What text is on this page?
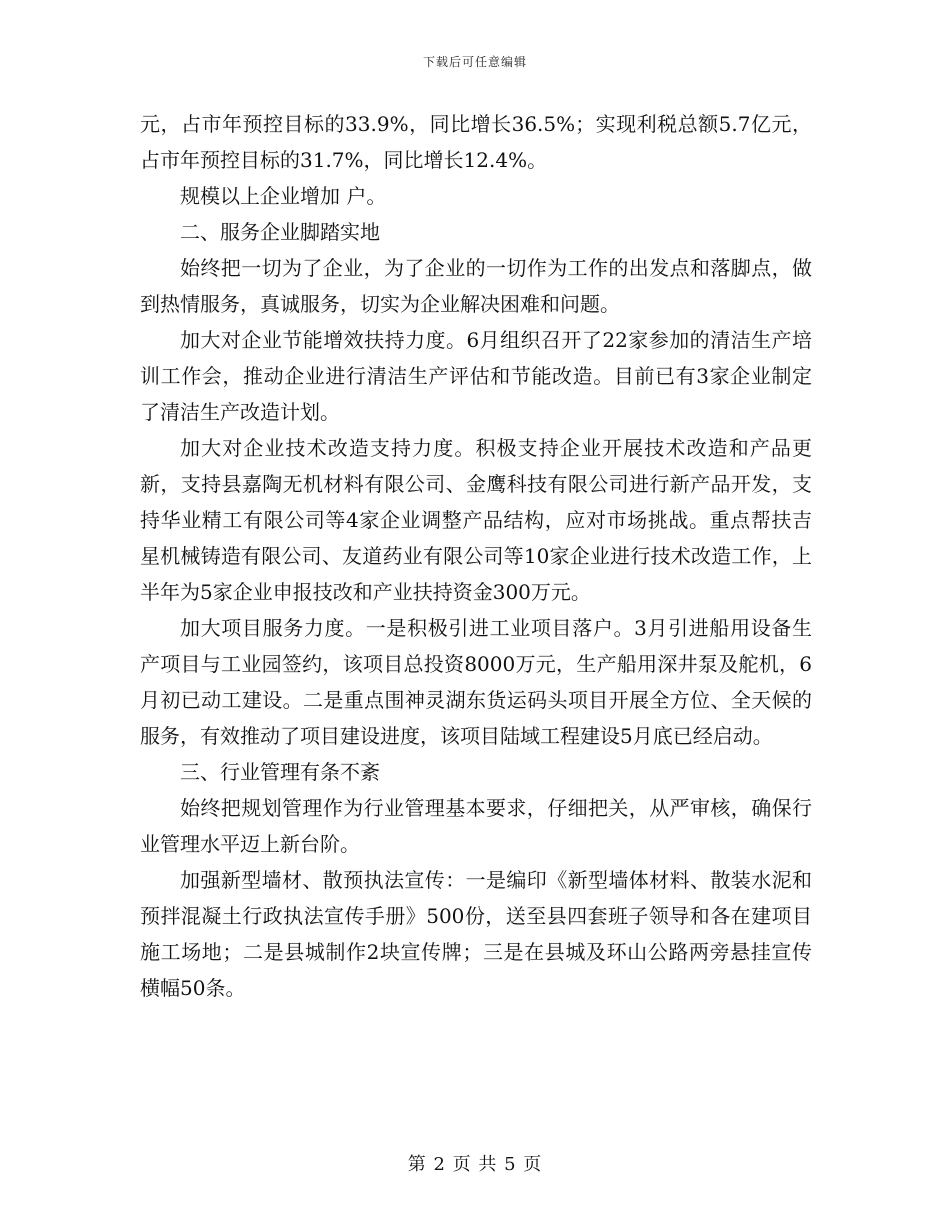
下载后可任意编辑

元，占市年预控目标的33.9%，同比增长36.5%；实现利税总额5.7亿元，占市年预控目标的31.7%，同比增长12.4%。

规模以上企业增加 户。

二、服务企业脚踏实地

始终把一切为了企业，为了企业的一切作为工作的出发点和落脚点，做到热情服务，真诚服务，切实为企业解决困难和问题。

加大对企业节能增效扶持力度。6月组织召开了22家参加的清洁生产培训工作会，推动企业进行清洁生产评估和节能改造。目前已有3家企业制定了清洁生产改造计划。

加大对企业技术改造支持力度。积极支持企业开展技术改造和产品更新，支持县嘉陶无机材料有限公司、金鹰科技有限公司进行新产品开发，支持华业精工有限公司等4家企业调整产品结构，应对市场挑战。重点帮扶吉星机械铸造有限公司、友道药业有限公司等10家企业进行技术改造工作，上半年为5家企业申报技改和产业扶持资金300万元。

加大项目服务力度。一是积极引进工业项目落户。3月引进船用设备生产项目与工业园签约，该项目总投资8000万元，生产船用深井泵及舵机，6月初已动工建设。二是重点围神灵湖东货运码头项目开展全方位、全天候的服务，有效推动了项目建设进度，该项目陆域工程建设5月底已经启动。

三、行业管理有条不紊

始终把规划管理作为行业管理基本要求，仔细把关，从严审核，确保行业管理水平迈上新台阶。

加强新型墙材、散预执法宣传：一是编印《新型墙体材料、散装水泥和预拌混凝土行政执法宣传手册》500份，送至县四套班子领导和各在建项目施工场地；二是县城制作2块宣传牌；三是在县城及环山公路两旁悬挂宣传横幅50条。

第 2 页 共 5 页
